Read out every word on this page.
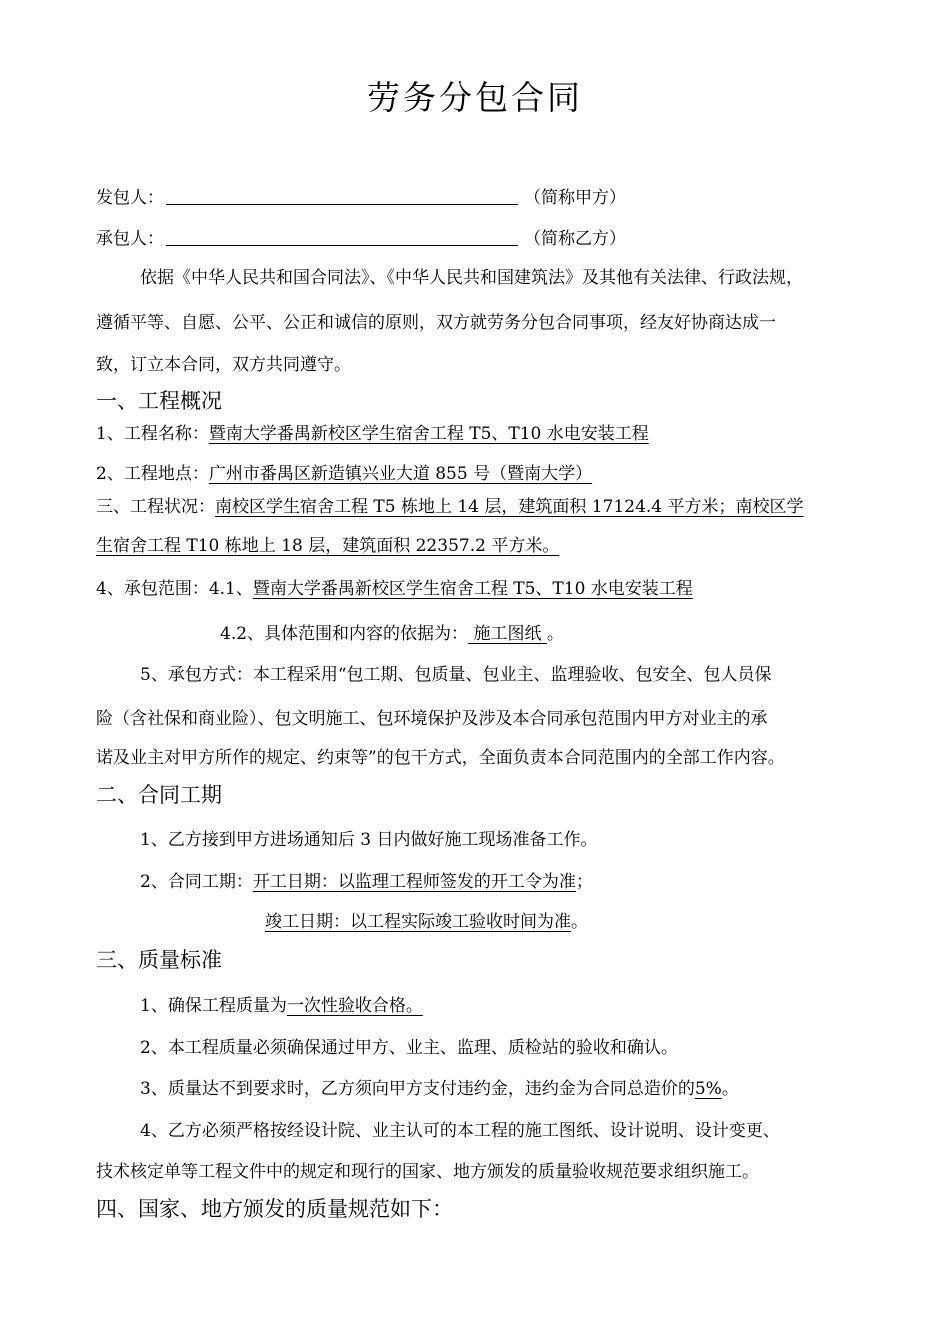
劳务分包合同
发包人：	（简称甲方）
承包人：	（简称乙方）
依据《中华人民共和国合同法》、《中华人民共和国建筑法》及其他有关法律、行政法规，
遵循平等、自愿、公平、公正和诚信的原则，双方就劳务分包合同事项，经友好协商达成一
致，订立本合同，双方共同遵守。
一、工程概况
1、工程名称：暨南大学番禺新校区学生宿舍工程 T5、T10 水电安装工程
2、工程地点：广州市番禺区新造镇兴业大道 855 号（暨南大学）
三、工程状况：南校区学生宿舍工程 T5 栋地上 14 层，建筑面积 17124.4 平方米；南校区学
生宿舍工程 T10 栋地上 18 层，建筑面积 22357.2 平方米。
4、承包范围：4.1、暨南大学番禺新校区学生宿舍工程 T5、T10 水电安装工程
4.2、具体范围和内容的依据为： 施工图纸 。
5、承包方式：本工程采用“包工期、包质量、包业主、监理验收、包安全、包人员保
险（含社保和商业险）、包文明施工、包环境保护及涉及本合同承包范围内甲方对业主的承
诺及业主对甲方所作的规定、约束等”的包干方式，全面负责本合同范围内的全部工作内容。
二、合同工期
1、乙方接到甲方进场通知后 3 日内做好施工现场准备工作。
2、合同工期：开工日期：以监理工程师签发的开工令为准；
竣工日期：以工程实际竣工验收时间为准。
三、质量标准
1、确保工程质量为一次性验收合格。
2、本工程质量必须确保通过甲方、业主、监理、质检站的验收和确认。
3、质量达不到要求时，乙方须向甲方支付违约金，违约金为合同总造价的5%。
4、乙方必须严格按经设计院、业主认可的本工程的施工图纸、设计说明、设计变更、
技术核定单等工程文件中的规定和现行的国家、地方颁发的质量验收规范要求组织施工。
四、国家、地方颁发的质量规范如下：
